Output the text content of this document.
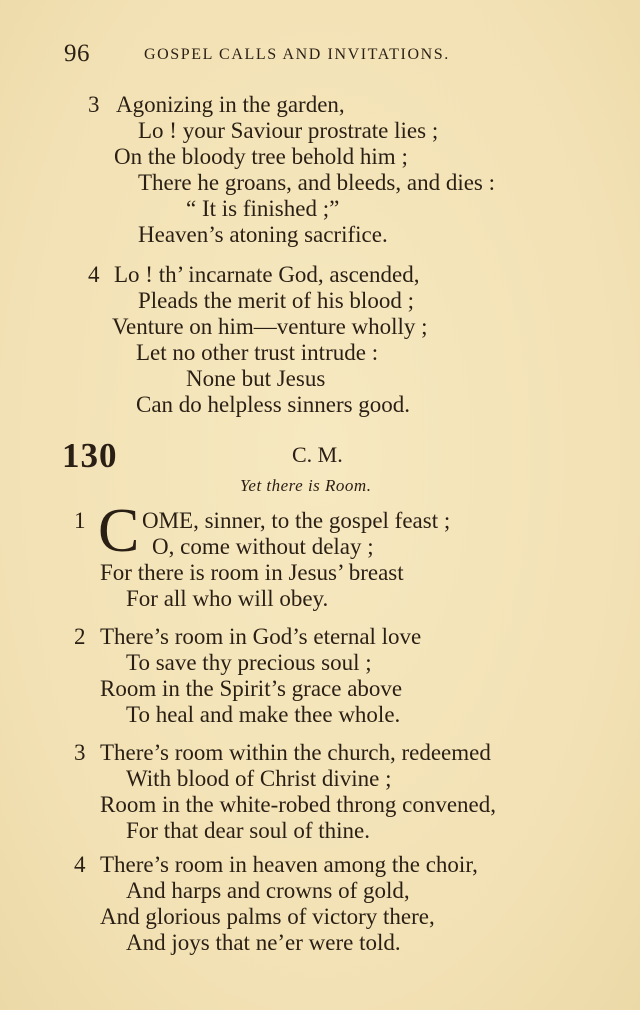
96	GOSPEL CALLS AND INVITATIONS.
3 Agonizing in the garden,
Lo ! your Saviour prostrate lies ;
On the bloody tree behold him ;
There he groans, and bleeds, and dies :
“ It is finished ;”
Heaven’s atoning sacrifice.
4 Lo ! th’ incarnate God, ascended,
Pleads the merit of his blood ;
Venture on him—venture wholly ;
Let no other trust intrude :
None but Jesus
Can do helpless sinners good.
130	C. M.
Yet there is Room.
1 C OME, sinner, to the gospel feast ;
O, come without delay ;
For there is room in Jesus’ breast
For all who will obey.
2 There’s room in God’s eternal love
To save thy precious soul ;
Room in the Spirit’s grace above
To heal and make thee whole.
3 There’s room within the church, redeemed
With blood of Christ divine ;
Room in the white-robed throng convened,
For that dear soul of thine.
4 There’s room in heaven among the choir,
And harps and crowns of gold,
And glorious palms of victory there,
And joys that ne’er were told.
